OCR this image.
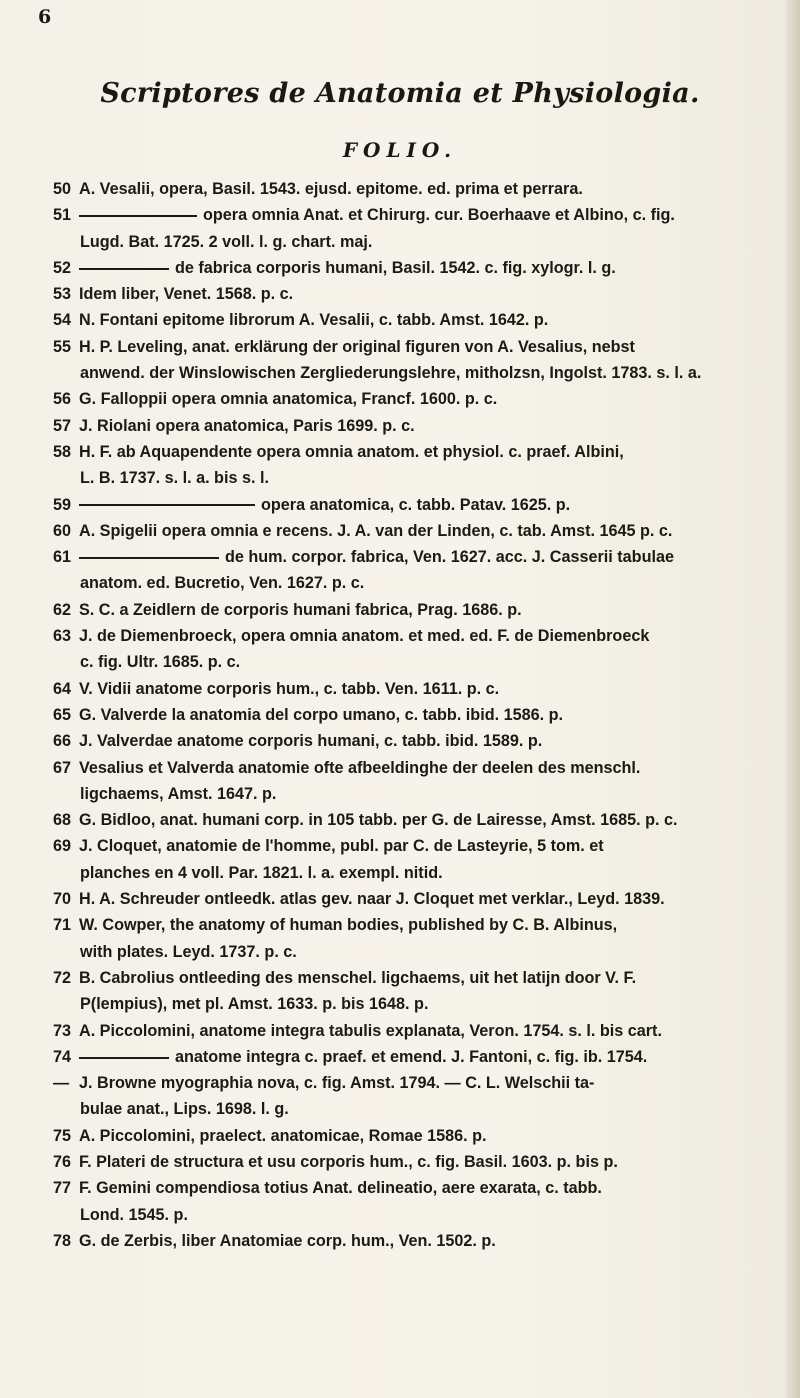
6
Scriptores de Anatomia et Physiologia.
FOLIO.
50 A. Vesalii, opera, Basil. 1543. ejusd. epitome. ed. prima et perrara.
51	opera omnia Anat. et Chirurg. cur. Boerhaave et Albino, c. fig.
Lugd. Bat. 1725. 2 voll. l. g. chart. maj.
52	de fabrica corporis humani, Basil. 1542. c. fig. xylogr. l. g.
53 Idem liber, Venet. 1568. p. c.
54 N. Fontani epitome librorum A. Vesalii, c. tabb. Amst. 1642. p.
55 H. P. Leveling, anat. erklärung der original figuren von A. Vesalius, nebst
anwend. der Winslowischen Zergliederungslehre, mitholzsn, Ingolst. 1783. s. l. a.
56 G. Falloppii opera omnia anatomica, Francf. 1600. p. c.
57 J. Riolani opera anatomica, Paris 1699. p. c.
58 H. F. ab Aquapendente opera omnia anatom. et physiol. c. praef. Albini,
L. B. 1737. s. l. a. bis s. l.
59	opera anatomica, c. tabb. Patav. 1625. p.
60 A. Spigelii opera omnia e recens. J. A. van der Linden, c. tab. Amst. 1645 p. c.
61	de hum. corpor. fabrica, Ven. 1627. acc. J. Casserii tabulae
anatom. ed. Bucretio, Ven. 1627. p. c.
62 S. C. a Zeidlern de corporis humani fabrica, Prag. 1686. p.
63 J. de Diemenbroeck, opera omnia anatom. et med. ed. F. de Diemenbroeck
c. fig. Ultr. 1685. p. c.
64 V. Vidii anatome corporis hum., c. tabb. Ven. 1611. p. c.
65 G. Valverde la anatomia del corpo umano, c. tabb. ibid. 1586. p.
66 J. Valverdae anatome corporis humani, c. tabb. ibid. 1589. p.
67 Vesalius et Valverda anatomie ofte afbeeldinghe der deelen des menschl.
ligchaems, Amst. 1647. p.
68 G. Bidloo, anat. humani corp. in 105 tabb. per G. de Lairesse, Amst. 1685. p. c.
69 J. Cloquet, anatomie de l'homme, publ. par C. de Lasteyrie, 5 tom. et
planches en 4 voll. Par. 1821. l. a. exempl. nitid.
70 H. A. Schreuder ontleedk. atlas gev. naar J. Cloquet met verklar., Leyd. 1839.
71 W. Cowper, the anatomy of human bodies, published by C. B. Albinus,
with plates. Leyd. 1737. p. c.
72 B. Cabrolius ontleeding des menschel. ligchaems, uit het latijn door V. F.
P(lempius), met pl. Amst. 1633. p. bis 1648. p.
73 A. Piccolomini, anatome integra tabulis explanata, Veron. 1754. s. l. bis cart.
74	anatome integra c. praef. et emend. J. Fantoni, c. fig. ib. 1754.
— J. Browne myographia nova, c. fig. Amst. 1794. — C. L. Welschii ta-
bulae anat., Lips. 1698. l. g.
75 A. Piccolomini, praelect. anatomicae, Romae 1586. p.
76 F. Plateri de structura et usu corporis hum., c. fig. Basil. 1603. p. bis p.
77 F. Gemini compendiosa totius Anat. delineatio, aere exarata, c. tabb.
Lond. 1545. p.
78 G. de Zerbis, liber Anatomiae corp. hum., Ven. 1502. p.
